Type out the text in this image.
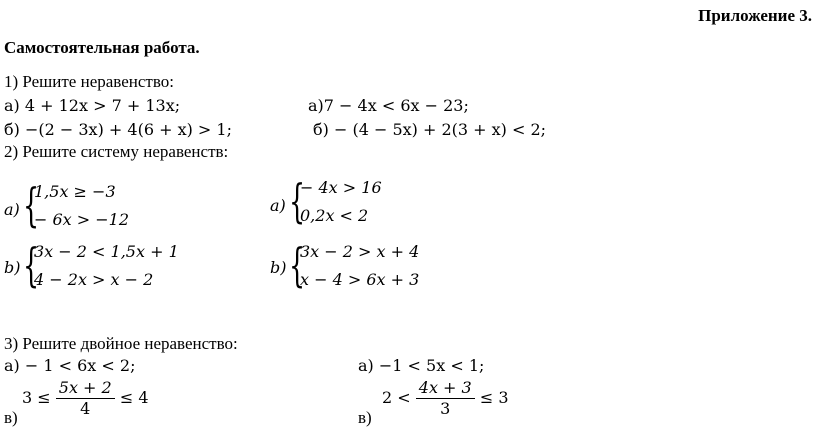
Приложение 3.
Самостоятельная работа.
1) Решите неравенство:
а) 4 + 12x > 7 + 13x;	а)7 − 4x < 6x − 23;
б) −(2 − 3x) + 4(6 + x) > 1;	б) − (4 − 5x) + 2(3 + x) < 2;
2) Решите систему неравенств:
a) {
1,5x ≥ −3
− 6x > −12
b) {
3x − 2 < 1,5x + 1
4 − 2x > x − 2
a) {
− 4x > 16
0,2x < 2
b) {
3x − 2 > x + 4
x − 4 > 6x + 3
3) Решите двойное неравенство:
а) − 1 < 6x < 2;	а) −1 < 5x < 1;
в)
$3 \le \frac{5x + 2}{4} \le 4$
в)
$2 < \frac{4x + 3}{3} \le 3$
